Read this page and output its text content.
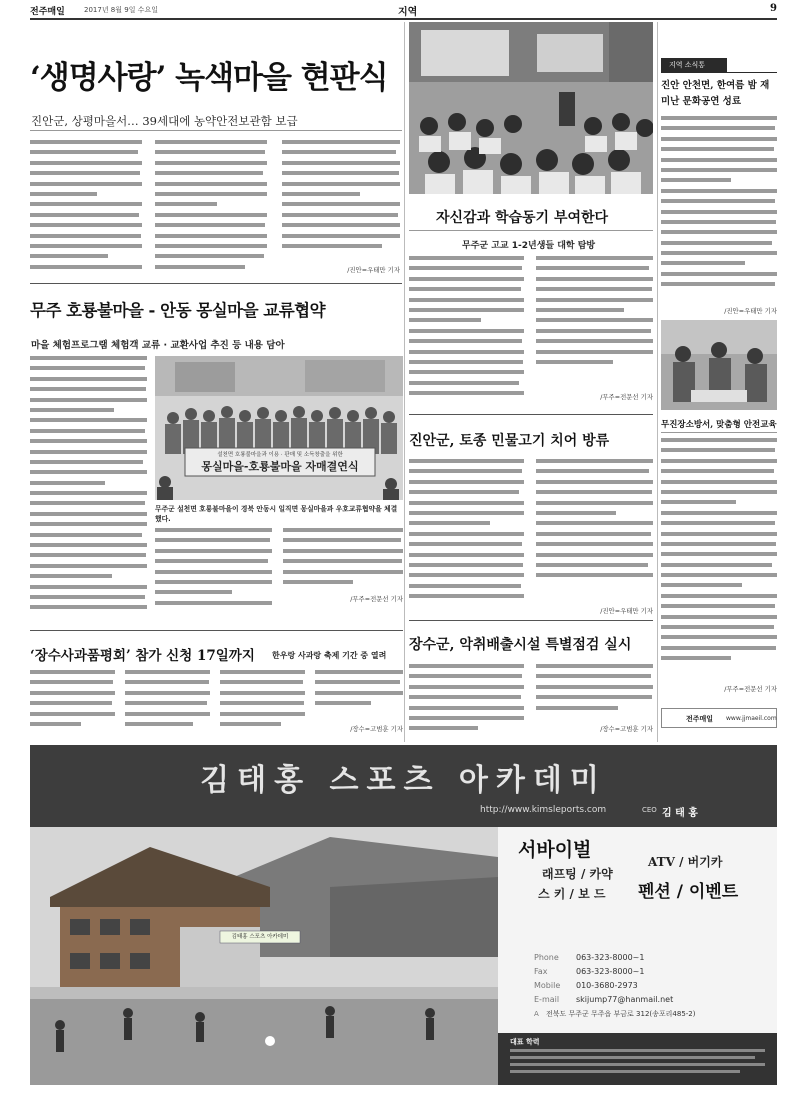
전주매일	2017년 8월 9일 수요일	지역	9
‘생명사랑’ 녹색마을 현판식
진안군, 상평마을서… 39세대에 농약안전보관함 보급
/진안=우태만 기자
무주 호룡불마을 - 안동 몽실마을 교류협약
마을 체험프로그램 체험객 교류 · 교환사업 추진 등 내용 담아
설천면 호룡불마을과 이용 · 판매 및 소득창출을 위한
몽실마을-호룡불마을 자매결연식
무주군 설천면 호룡불마을이 경북 안동시 일직면 몽실마을과 우호교류협약을 체결했다.
/무주=전문선 기자
‘장수사과품평회’ 참가 신청 17일까지 한우랑 사과랑 축제 기간 중 열려
/장수=고범훈 기자
자신감과 학습동기 부여한다
무주군 고교 1-2년생들 대학 탐방
/무주=전문선 기자
진안군, 토종 민물고기 치어 방류
/진안=우태만 기자
장수군, 악취배출시설 특별점검 실시
/장수=고범훈 기자
지역 소식통
진안 안천면, 한여름 밤 재미난 문화공연 성료
/진안=우태만 기자
무진장소방서, 맞춤형 안전교육
/무주=전문선 기자
전주매일 www.jjmaeil.com
김태홍 스포츠 아카데미
http://www.kimsleports.com	CEO 김 태 홍
김태홍 스포츠 아카데미
서바이벌
ATV / 버기카
래프팅 / 카약
펜션 / 이벤트
스 키 / 보 드
Phone 063-323-8000~1
Fax	063-323-8000~1
Mobile 010-3680-2973
E-mail skijump77@hanmail.net
A 전북도 무주군 무주읍 부금로 312(송포리485-2)
대표 학력
